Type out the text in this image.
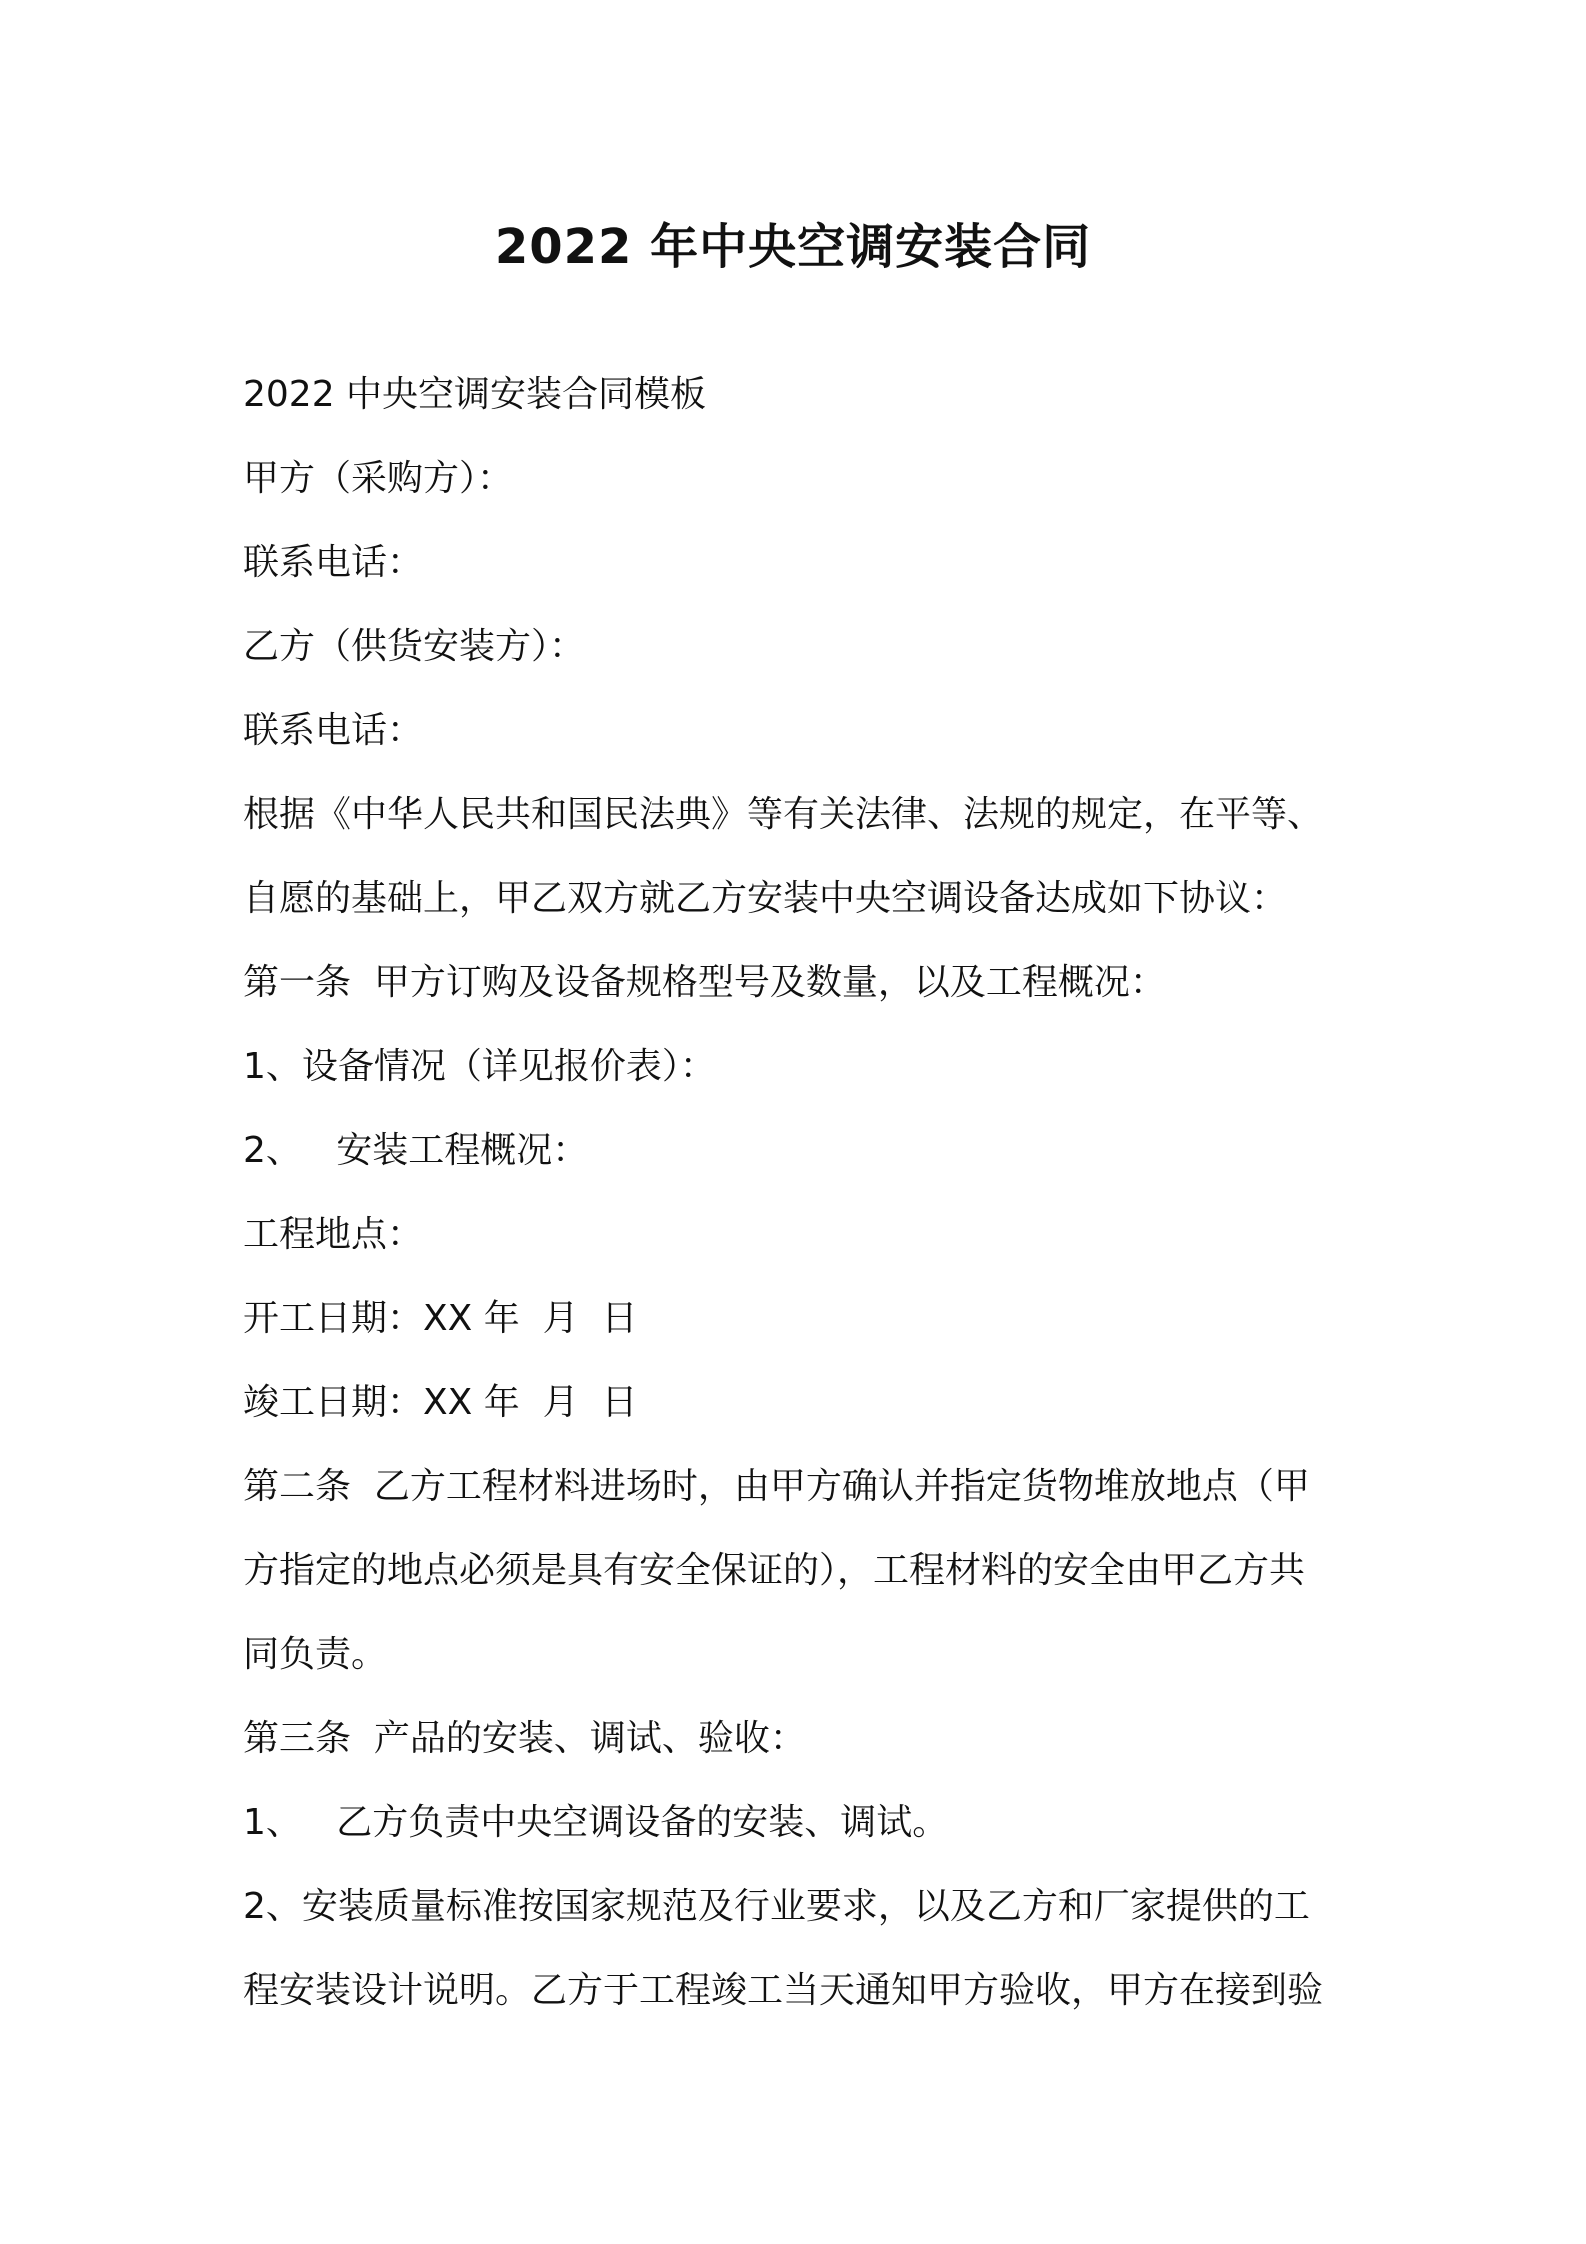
2022 年中央空调安装合同

2022 中央空调安装合同模板

甲方（采购方）：

联系电话：

乙方（供货安装方）：

联系电话：

根据《中华人民共和国民法典》等有关法律、法规的规定，在平等、

自愿的基础上，甲乙双方就乙方安装中央空调设备达成如下协议：

第一条  甲方订购及设备规格型号及数量，以及工程概况：

1、设备情况（详见报价表）：

2、   安装工程概况：

工程地点：

开工日期：XX 年  月  日

竣工日期：XX 年  月  日

第二条  乙方工程材料进场时，由甲方确认并指定货物堆放地点（甲

方指定的地点必须是具有安全保证的），工程材料的安全由甲乙方共

同负责。

第三条  产品的安装、调试、验收：

1、   乙方负责中央空调设备的安装、调试。

2、安装质量标准按国家规范及行业要求，以及乙方和厂家提供的工

程安装设计说明。乙方于工程竣工当天通知甲方验收，甲方在接到验
